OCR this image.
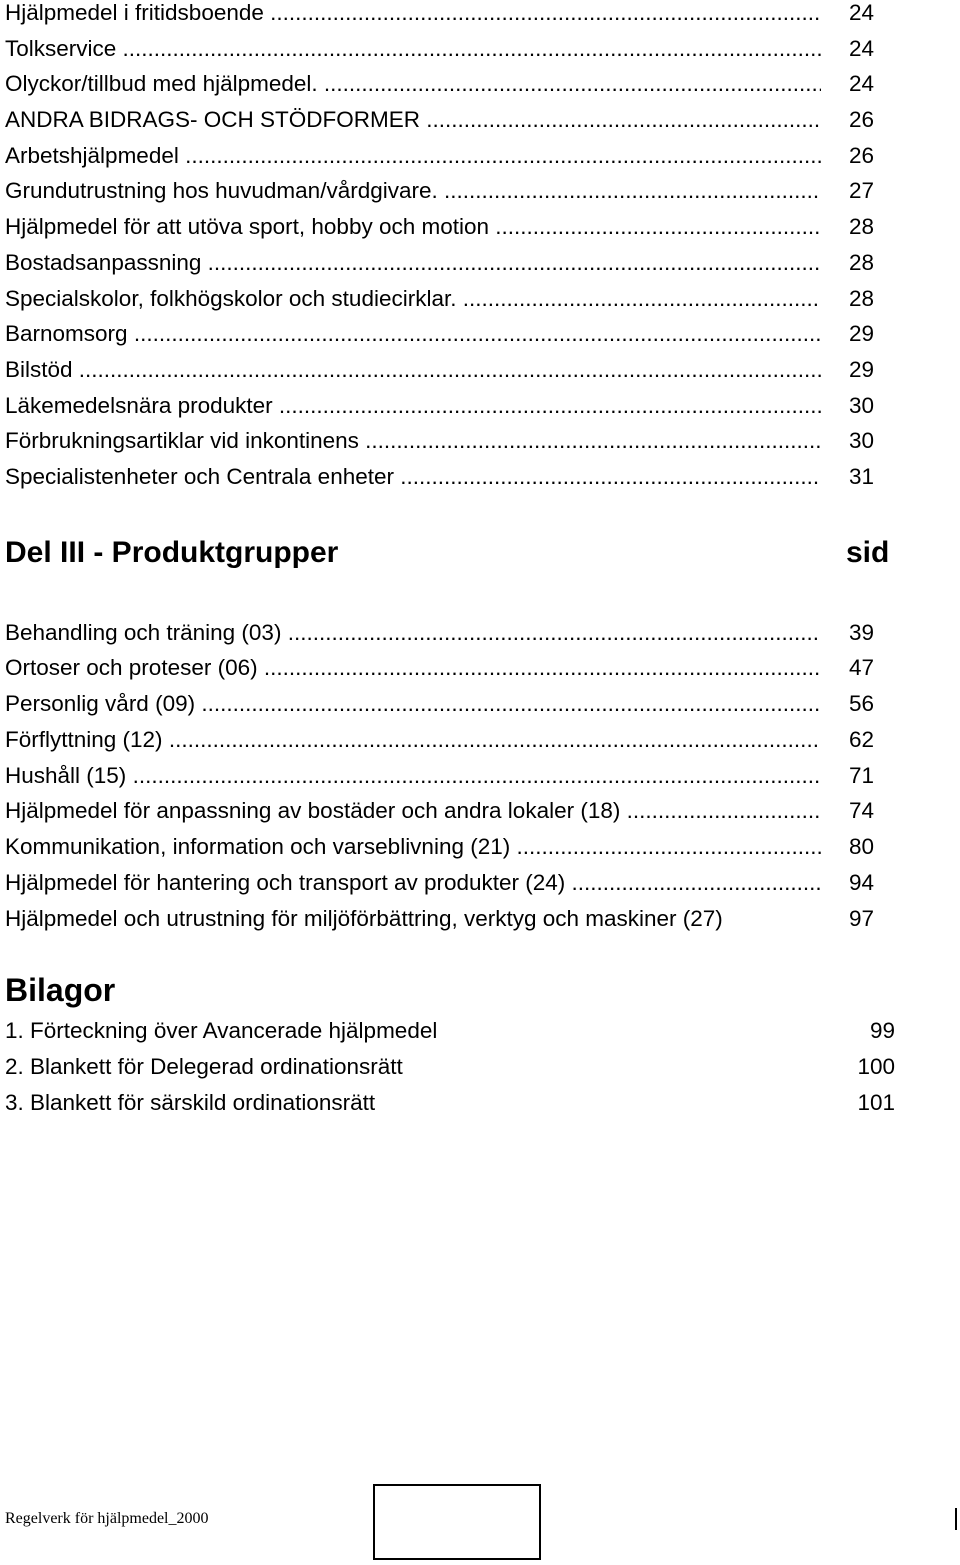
Hjälpmedel i fritidsboende .....	24
Tolkservice .....	24
Olyckor/tillbud med hjälpmedel. .....	24
ANDRA BIDRAGS- OCH STÖDFORMER .....	26
Arbetshjälpmedel .....	26
Grundutrustning hos huvudman/vårdgivare. .....	27
Hjälpmedel för att utöva sport, hobby och motion .....	28
Bostadsanpassning .....	28
Specialskolor, folkhögskolor och studiecirklar. .....	28
Barnomsorg .....	29
Bilstöd .....	29
Läkemedelsnära produkter .....	30
Förbrukningsartiklar vid inkontinens .....	30
Specialistenheter och Centrala enheter .....	31
Del III - Produktgrupper	sid
Behandling och träning (03) .....	39
Ortoser och proteser (06) .....	47
Personlig vård (09) .....	56
Förflyttning (12) .....	62
Hushåll (15) .....	71
Hjälpmedel för anpassning av bostäder och andra lokaler (18) .....	74
Kommunikation, information och varseblivning (21) .....	80
Hjälpmedel för hantering och transport av produkter (24) .....	94
Hjälpmedel och utrustning för miljöförbättring, verktyg och maskiner (27)	97
Bilagor
1. Förteckning över Avancerade hjälpmedel	99
2. Blankett för Delegerad ordinationsrätt	100
3. Blankett för särskild ordinationsrätt	101
Regelverk för hjälpmedel_2000
